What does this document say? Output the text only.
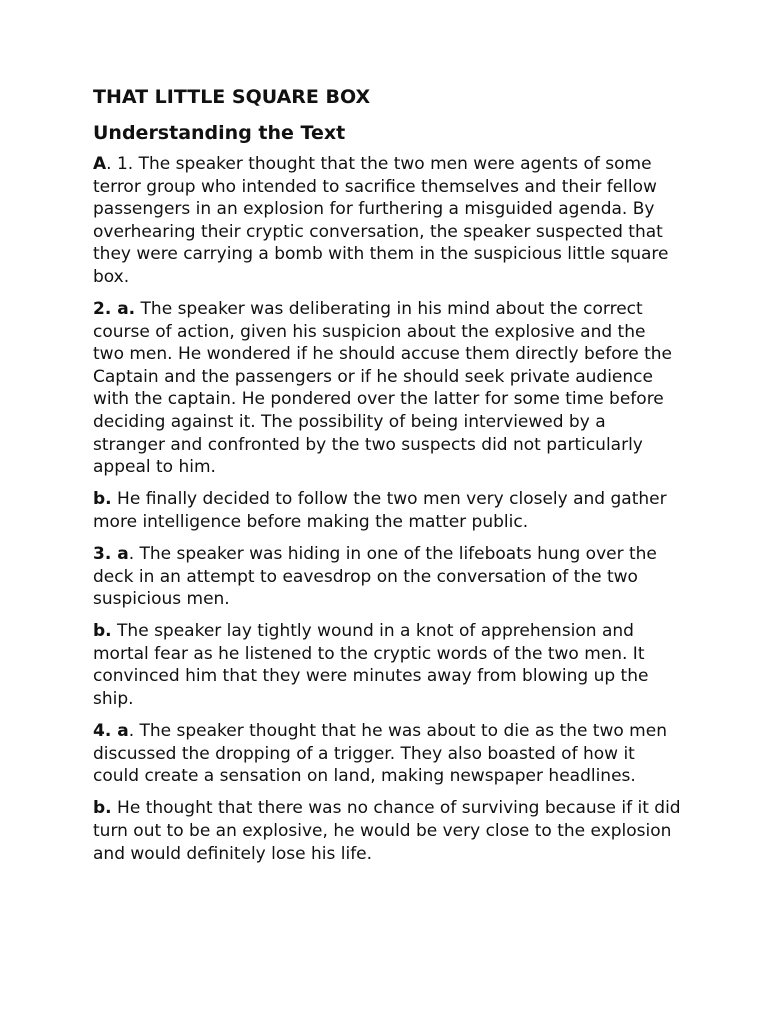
THAT LITTLE SQUARE BOX
Understanding the Text

A. 1. The speaker thought that the two men were agents of some terror group who intended to sacrifice themselves and their fellow passengers in an explosion for furthering a misguided agenda. By overhearing their cryptic conversation, the speaker suspected that they were carrying a bomb with them in the suspicious little square box.

2. a. The speaker was deliberating in his mind about the correct course of action, given his suspicion about the explosive and the two men. He wondered if he should accuse them directly before the Captain and the passengers or if he should seek private audience with the captain. He pondered over the latter for some time before deciding against it. The possibility of being interviewed by a stranger and confronted by the two suspects did not particularly appeal to him.

b. He finally decided to follow the two men very closely and gather more intelligence before making the matter public.

3. a. The speaker was hiding in one of the lifeboats hung over the deck in an attempt to eavesdrop on the conversation of the two suspicious men.

b. The speaker lay tightly wound in a knot of apprehension and mortal fear as he listened to the cryptic words of the two men. It convinced him that they were minutes away from blowing up the ship.

4. a. The speaker thought that he was about to die as the two men discussed the dropping of a trigger. They also boasted of how it could create a sensation on land, making newspaper headlines.

b. He thought that there was no chance of surviving because if it did turn out to be an explosive, he would be very close to the explosion and would definitely lose his life.
